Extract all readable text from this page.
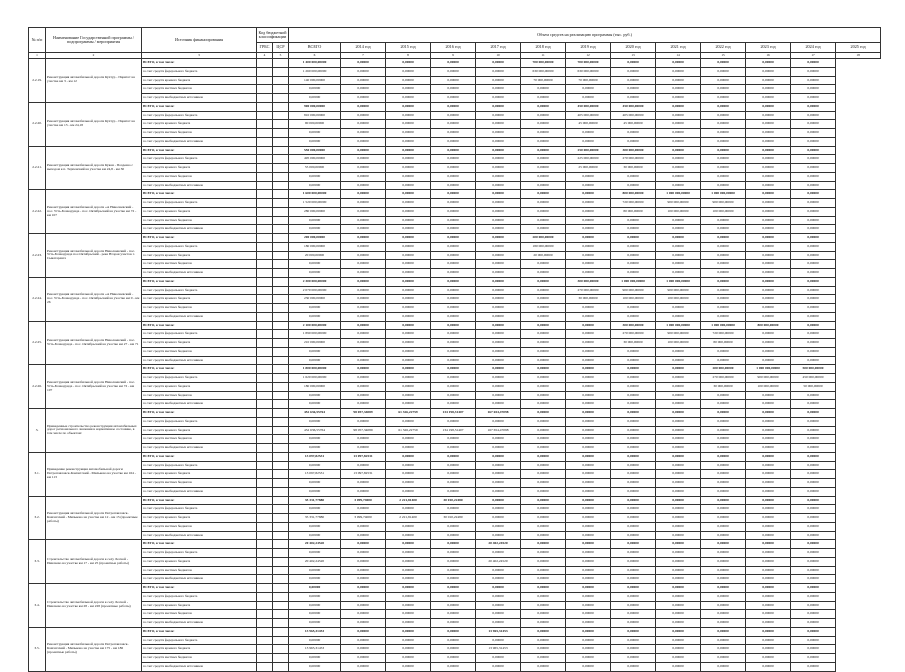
№ п/п	Наименование Государственной программы / подпрограммы / мероприятия	Источник финансирования	Код бюджетной классификации		Объем средств на реализацию программы (тыс. руб.)												
			ГРБС	ЦСР	ВСЕГО	2014 год	2015 год	2016 год	2017 год	2018 год	2019 год	2020 год	2021 год	2022 год	2023 год	2024 год	2025 год
1	2	3	4	5	6	7	8	9	10	11	12	13	14	15	16	17	18
2.2.19.	Реконструкция автомобильной дороги Кухтур - Паритет на участке км 3 - км 12	ВСЕГО, в том числе:			1 400 000,00000	0,00000	0,00000	0,00000	0,00000	700 000,00000	700 000,00000	0,00000	0,00000	0,00000	0,00000	0,00000	
		за счет средств федерального бюджета			1 260 000,00000	0,00000	0,00000	0,00000	0,00000	630 000,00000	630 000,00000	0,00000	0,00000	0,00000	0,00000	0,00000	
		за счет средств краевого бюджета			140 000,00000	0,00000	0,00000	0,00000	0,00000	70 000,00000	70 000,00000	0,00000	0,00000	0,00000	0,00000	0,00000	
		за счет средств местных бюджетов			0,00000	0,00000	0,00000	0,00000	0,00000	0,00000	0,00000	0,00000	0,00000	0,00000	0,00000	0,00000	
		за счет средств внебюджетных источников			0,00000	0,00000	0,00000	0,00000	0,00000	0,00000	0,00000	0,00000	0,00000	0,00000	0,00000	0,00000	
2.2.20.	Реконструкция автомобильной дороги Кухтур - Паритет на участке км 13 - км 24,18	ВСЕГО, в том числе:			900 000,00000	0,00000	0,00000	0,00000	0,00000	0,00000	450 000,00000	450 000,00000	0,00000	0,00000	0,00000	0,00000	
		за счет средств федерального бюджета			810 000,00000	0,00000	0,00000	0,00000	0,00000	0,00000	405 000,00000	405 000,00000	0,00000	0,00000	0,00000	0,00000	
		за счет средств краевого бюджета			90 000,00000	0,00000	0,00000	0,00000	0,00000	0,00000	45 000,00000	45 000,00000	0,00000	0,00000	0,00000	0,00000	
		за счет средств местных бюджетов			0,00000	0,00000	0,00000	0,00000	0,00000	0,00000	0,00000	0,00000	0,00000	0,00000	0,00000	0,00000	
		за счет средств внебюджетных источников			0,00000	0,00000	0,00000	0,00000	0,00000	0,00000	0,00000	0,00000	0,00000	0,00000	0,00000	0,00000	
2.2.21.	Реконструкция автомобильной дороги Кукан - Поздеево с выходом к п. Терпенский на участке км 24,8 - км 30	ВСЕГО, в том числе:			550 000,00000	0,00000	0,00000	0,00000	0,00000	0,00000	250 000,00000	300 000,00000	0,00000	0,00000	0,00000	0,00000	
		за счет средств федерального бюджета			495 000,00000	0,00000	0,00000	0,00000	0,00000	0,00000	225 000,00000	270 000,00000	0,00000	0,00000	0,00000	0,00000	
		за счет средств краевого бюджета			55 000,00000	0,00000	0,00000	0,00000	0,00000	0,00000	25 000,00000	30 000,00000	0,00000	0,00000	0,00000	0,00000	
		за счет средств местных бюджетов			0,00000	0,00000	0,00000	0,00000	0,00000	0,00000	0,00000	0,00000	0,00000	0,00000	0,00000	0,00000	
		за счет средств внебюджетных источников			0,00000	0,00000	0,00000	0,00000	0,00000	0,00000	0,00000	0,00000	0,00000	0,00000	0,00000	0,00000	
2.2.22.	Реконструкция автомобильной дороги «А Николаевский - пос. Усть-Бочкорунда - пос. Октябрьский на участке км 72 - км 107	ВСЕГО, в том числе:			1 600 000,00000	0,00000	0,00000	0,00000	0,00000	0,00000	0,00000	800 000,00000	1 000 000,00000	1 000 000,00000	0,00000	0,00000	
		за счет средств федерального бюджета			1 520 000,00000	0,00000	0,00000	0,00000	0,00000	0,00000	0,00000	720 000,00000	900 000,00000	900 000,00000	0,00000	0,00000	
		за счет средств краевого бюджета			280 000,00000	0,00000	0,00000	0,00000	0,00000	0,00000	0,00000	80 000,00000	100 000,00000	100 000,00000	0,00000	0,00000	
		за счет средств местных бюджетов			0,00000	0,00000	0,00000	0,00000	0,00000	0,00000	0,00000	0,00000	0,00000	0,00000	0,00000	0,00000	
		за счет средств внебюджетных источников			0,00000	0,00000	0,00000	0,00000	0,00000	0,00000	0,00000	0,00000	0,00000	0,00000	0,00000	0,00000	
2.2.23.	Реконструкция автомобильной дороги Николаевский - пос. Усть-Бочкорунда пос.Октябрьский - река Вторая участок г. Сыкатаранга	ВСЕГО, в том числе:			200 000,00000	0,00000	0,00000	0,00000	0,00000	200 000,00000	0,00000	0,00000	0,00000	0,00000	0,00000	0,00000	
		за счет средств федерального бюджета			180 000,00000	0,00000	0,00000	0,00000	0,00000	180 000,00000	0,00000	0,00000	0,00000	0,00000	0,00000	0,00000	
		за счет средств краевого бюджета			20 000,00000	0,00000	0,00000	0,00000	0,00000	20 000,00000	0,00000	0,00000	0,00000	0,00000	0,00000	0,00000	
		за счет средств местных бюджетов			0,00000	0,00000	0,00000	0,00000	0,00000	0,00000	0,00000	0,00000	0,00000	0,00000	0,00000	0,00000	
		за счет средств внебюджетных источников			0,00000	0,00000	0,00000	0,00000	0,00000	0,00000	0,00000	0,00000	0,00000	0,00000	0,00000	0,00000	
2.2.24.	Реконструкция автомобильной дороги «А Николаевский - пос. Усть-Бочкорунда - пос. Октябрьский на участке км 0 - км 26	ВСЕГО, в том числе:			2 300 000,00000	0,00000	0,00000	0,00000	0,00000	0,00000	300 000,00000	1 000 000,00000	1 000 000,00000	0,00000	0,00000	0,00000	
		за счет средств федерального бюджета			2 070 000,00000	0,00000	0,00000	0,00000	0,00000	0,00000	270 000,00000	900 000,00000	900 000,00000	0,00000	0,00000	0,00000	
		за счет средств краевого бюджета			230 000,00000	0,00000	0,00000	0,00000	0,00000	0,00000	30 000,00000	100 000,00000	100 000,00000	0,00000	0,00000	0,00000	
		за счет средств местных бюджетов			0,00000	0,00000	0,00000	0,00000	0,00000	0,00000	0,00000	0,00000	0,00000	0,00000	0,00000	0,00000	
		за счет средств внебюджетных источников			0,00000	0,00000	0,00000	0,00000	0,00000	0,00000	0,00000	0,00000	0,00000	0,00000	0,00000	0,00000	
2.2.25.	Реконструкция автомобильной дороги Николаевский - пос. Усть-Бочкорунда - пос. Октябрьский на участке км 27 - км 71	ВСЕГО, в том числе:			2 100 000,00000	0,00000	0,00000	0,00000	0,00000	0,00000	0,00000	300 000,00000	1 000 000,00000	1 000 000,00000	800 000,00000	0,00000	
		за счет средств федерального бюджета			1 890 000,00000	0,00000	0,00000	0,00000	0,00000	0,00000	0,00000	270 000,00000	900 000,00000	720 000,00000	0,00000	0,00000	
		за счет средств краевого бюджета			210 000,00000	0,00000	0,00000	0,00000	0,00000	0,00000	0,00000	30 000,00000	100 000,00000	80 000,00000	0,00000	0,00000	
		за счет средств местных бюджетов			0,00000	0,00000	0,00000	0,00000	0,00000	0,00000	0,00000	0,00000	0,00000	0,00000	0,00000	0,00000	
		за счет средств внебюджетных источников			0,00000	0,00000	0,00000	0,00000	0,00000	0,00000	0,00000	0,00000	0,00000	0,00000	0,00000	0,00000	
2.2.26.	Реконструкция автомобильной дороги Николаевский - пос. Усть-Бочкорунда - пос. Октябрьский на участке км 72 - км 107	ВСЕГО, в том числе:			1 800 000,00000	0,00000	0,00000	0,00000	0,00000	0,00000	0,00000	0,00000	0,00000	200 000,00000	1 000 000,00000	500 000,00000	
		за счет средств федерального бюджета			1 620 000,00000	0,00000	0,00000	0,00000	0,00000	0,00000	0,00000	0,00000	0,00000	270 000,00000	900 000,00000	450 000,00000	
		за счет средств краевого бюджета			180 000,00000	0,00000	0,00000	0,00000	0,00000	0,00000	0,00000	0,00000	0,00000	30 000,00000	100 000,00000	50 000,00000	
		за счет средств местных бюджетов			0,00000	0,00000	0,00000	0,00000	0,00000	0,00000	0,00000	0,00000	0,00000	0,00000	0,00000	0,00000	
		за счет средств внебюджетных источников			0,00000	0,00000	0,00000	0,00000	0,00000	0,00000	0,00000	0,00000	0,00000	0,00000	0,00000	0,00000	
3.	Приведенные строительство реконструкция автомобильных дорог регионального значения в нормативное состояние, в том числе по объектам:	ВСЕГО, в том числе:			452 636,55764	98 057,34089	61 326,22759	134 198,31407	167 654,47098	0,00000	0,00000	0,00000	0,00000	0,00000	0,00000	0,00000	
		за счет средств федерального бюджета			0,00000	0,00000	0,00000	0,00000	0,00000	0,00000	0,00000	0,00000	0,00000	0,00000	0,00000	0,00000	
		за счет средств краевого бюджета			452 636,55764	98 057,34089	61 326,22759	134 198,31407	167 654,47098	0,00000	0,00000	0,00000	0,00000	0,00000	0,00000	0,00000	
		за счет средств местных бюджетов			0,00000	0,00000	0,00000	0,00000	0,00000	0,00000	0,00000	0,00000	0,00000	0,00000	0,00000	0,00000	
		за счет средств внебюджетных источников			0,00000	0,00000	0,00000	0,00000	0,00000	0,00000	0,00000	0,00000	0,00000	0,00000	0,00000	0,00000	
3.1.	Приведение реконструкция автомобильной дороги Петропавловск-Камчатский - Мильково на участке км 164 - км 113	ВСЕГО, в том числе:			13 097,82531	13 097,82531	0,00000	0,00000	0,00000	0,00000	0,00000	0,00000	0,00000	0,00000	0,00000	0,00000	
		за счет средств федерального бюджета			0,00000	0,00000	0,00000	0,00000	0,00000	0,00000	0,00000	0,00000	0,00000	0,00000	0,00000	0,00000	
		за счет средств краевого бюджета			13 097,82531	13 097,82531	0,00000	0,00000	0,00000	0,00000	0,00000	0,00000	0,00000	0,00000	0,00000	0,00000	
		за счет средств местных бюджетов			0,00000	0,00000	0,00000	0,00000	0,00000	0,00000	0,00000	0,00000	0,00000	0,00000	0,00000	0,00000	
		за счет средств внебюджетных источников			0,00000	0,00000	0,00000	0,00000	0,00000	0,00000	0,00000	0,00000	0,00000	0,00000	0,00000	0,00000	
3.2.	Реконструкция автомобильной дороги Петропавловск-Камчатский - Мильково на участке км 12 - км 15 (проектные работы)	ВСЕГО, в том числе:			35 331,77880	3 099,74000	2 221,81400	30 010,22480	0,00000	0,00000	0,00000	0,00000	0,00000	0,00000	0,00000	0,00000	
		за счет средств федерального бюджета			0,00000	0,00000	0,00000	0,00000	0,00000	0,00000	0,00000	0,00000	0,00000	0,00000	0,00000	0,00000	
		за счет средств краевого бюджета			35 331,77880	3 099,74000	2 221,81400	30 010,22480	0,00000	0,00000	0,00000	0,00000	0,00000	0,00000	0,00000	0,00000	
		за счет средств местных бюджетов			0,00000	0,00000	0,00000	0,00000	0,00000	0,00000	0,00000	0,00000	0,00000	0,00000	0,00000	0,00000	
		за счет средств внебюджетных источников			0,00000	0,00000	0,00000	0,00000	0,00000	0,00000	0,00000	0,00000	0,00000	0,00000	0,00000	0,00000	
3.3.	Строительство автомобильной дороги к селу Лесной - Пиначево на участке км 17 - км 25 (проектные работы)	ВСЕГО, в том числе:			20 402,24520	0,00000	0,00000	0,00000	20 402,24520	0,00000	0,00000	0,00000	0,00000	0,00000	0,00000	0,00000	
		за счет средств федерального бюджета			0,00000	0,00000	0,00000	0,00000	0,00000	0,00000	0,00000	0,00000	0,00000	0,00000	0,00000	0,00000	
		за счет средств краевого бюджета			20 402,24520	0,00000	0,00000	0,00000	20 402,24520	0,00000	0,00000	0,00000	0,00000	0,00000	0,00000	0,00000	
		за счет средств местных бюджетов			0,00000	0,00000	0,00000	0,00000	0,00000	0,00000	0,00000	0,00000	0,00000	0,00000	0,00000	0,00000	
		за счет средств внебюджетных источников			0,00000	0,00000	0,00000	0,00000	0,00000	0,00000	0,00000	0,00000	0,00000	0,00000	0,00000	0,00000	
3.4.	Строительство автомобильной дороги к селу Лесной - Пиначево на участке км 28 - км 228 (проектные работы)	ВСЕГО, в том числе:			0,00000	0,00000	0,00000	0,00000	0,00000	0,00000	0,00000	0,00000	0,00000	0,00000	0,00000	0,00000	
		за счет средств федерального бюджета			0,00000	0,00000	0,00000	0,00000	0,00000	0,00000	0,00000	0,00000	0,00000	0,00000	0,00000	0,00000	
		за счет средств краевого бюджета			0,00000	0,00000	0,00000	0,00000	0,00000	0,00000	0,00000	0,00000	0,00000	0,00000	0,00000	0,00000	
		за счет средств местных бюджетов			0,00000	0,00000	0,00000	0,00000	0,00000	0,00000	0,00000	0,00000	0,00000	0,00000	0,00000	0,00000	
		за счет средств внебюджетных источников			0,00000	0,00000	0,00000	0,00000	0,00000	0,00000	0,00000	0,00000	0,00000	0,00000	0,00000	0,00000	
3.5.	Реконструкция автомобильной дороги Петропавловск-Камчатский - Мильково на участке км 175 - км 186 (проектные работы)	ВСЕГО, в том числе:			13 965,31453	0,00000	0,00000	0,00000	13 965,31453	0,00000	0,00000	0,00000	0,00000	0,00000	0,00000	0,00000	
		за счет средств федерального бюджета			0,00000	0,00000	0,00000	0,00000	0,00000	0,00000	0,00000	0,00000	0,00000	0,00000	0,00000	0,00000	
		за счет средств краевого бюджета			13 965,31453	0,00000	0,00000	0,00000	13 965,31453	0,00000	0,00000	0,00000	0,00000	0,00000	0,00000	0,00000	
		за счет средств местных бюджетов			0,00000	0,00000	0,00000	0,00000	0,00000	0,00000	0,00000	0,00000	0,00000	0,00000	0,00000	0,00000	
		за счет средств внебюджетных источников			0,00000	0,00000	0,00000	0,00000	0,00000	0,00000	0,00000	0,00000	0,00000	0,00000	0,00000	0,00000	
